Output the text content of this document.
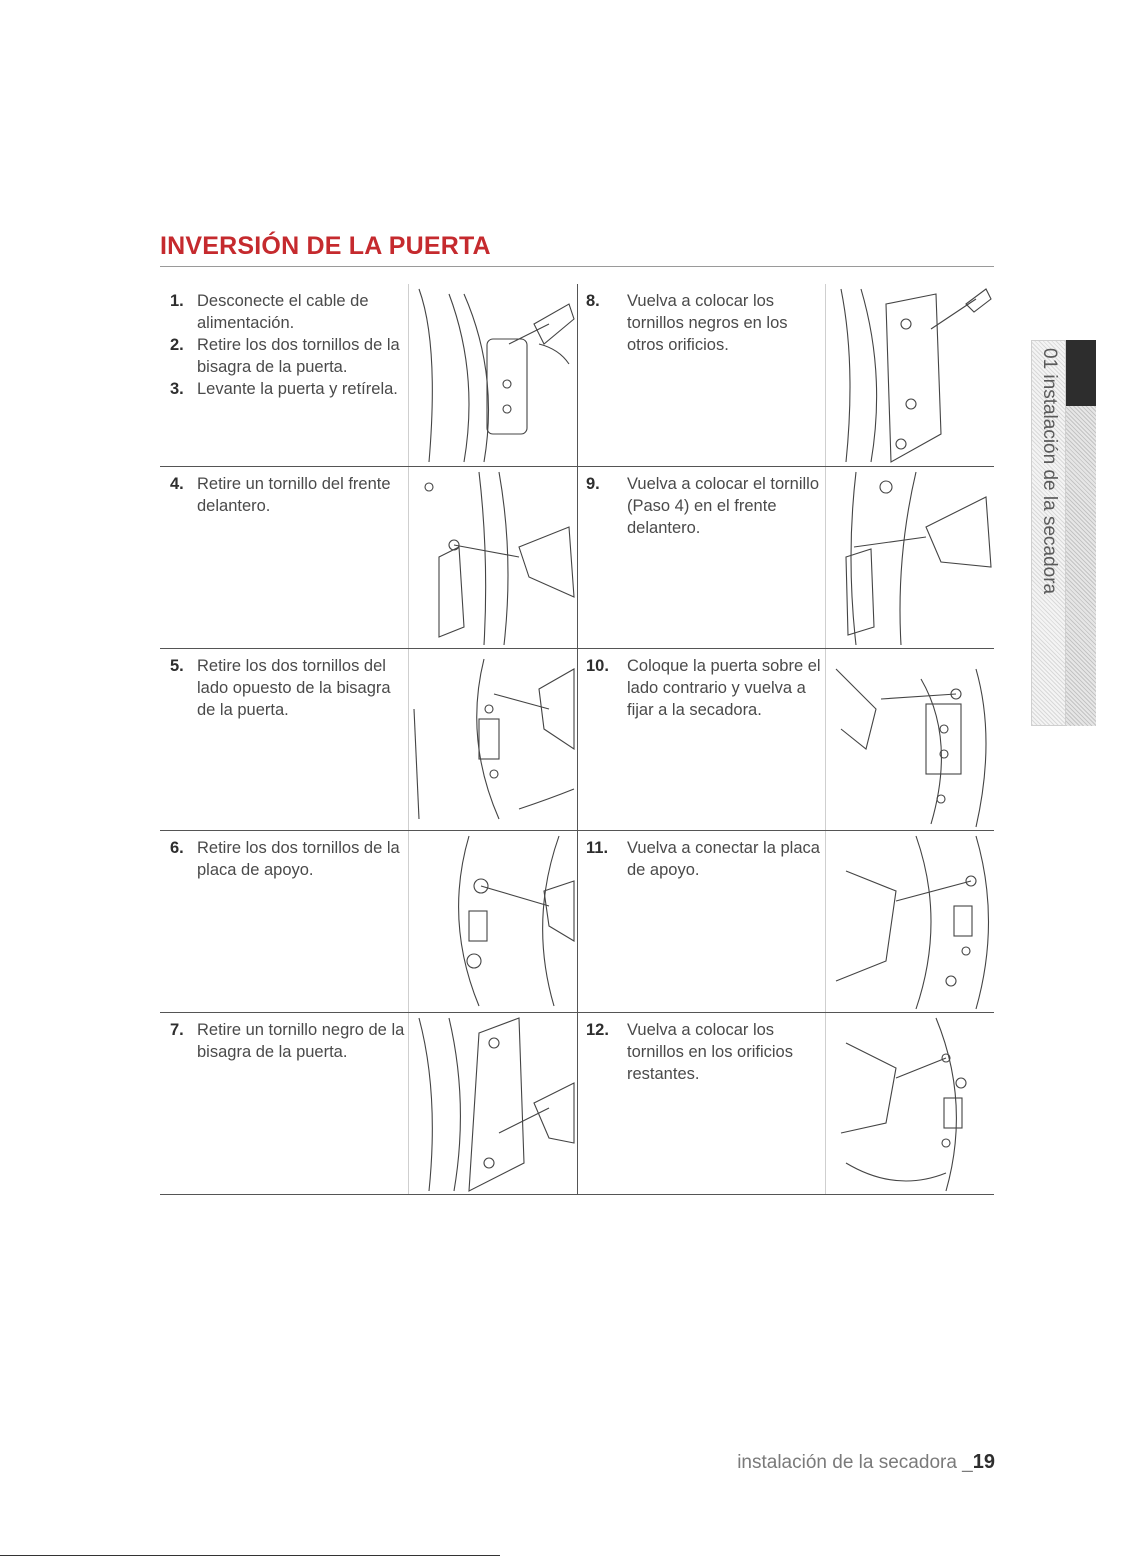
INVERSIÓN DE LA PUERTA
1. Desconecte el cable de alimentación.
2. Retire los dos tornillos de la bisagra de la puerta.
3. Levante la puerta y retírela.
8. Vuelva a colocar los tornillos negros en los otros orificios.
4. Retire un tornillo del frente delantero.
9. Vuelva a colocar el tornillo (Paso 4) en el frente delantero.
5. Retire los dos tornillos del lado opuesto de la bisagra de la puerta.
10. Coloque la puerta sobre el lado contrario y vuelva a fijar a la secadora.
6. Retire los dos tornillos de la placa de apoyo.
11. Vuelva a conectar la placa de apoyo.
7. Retire un tornillo negro de la bisagra de la puerta.
12. Vuelva a colocar los tornillos en los orificios restantes.
01 instalación de la secadora
instalación de la secadora _19
